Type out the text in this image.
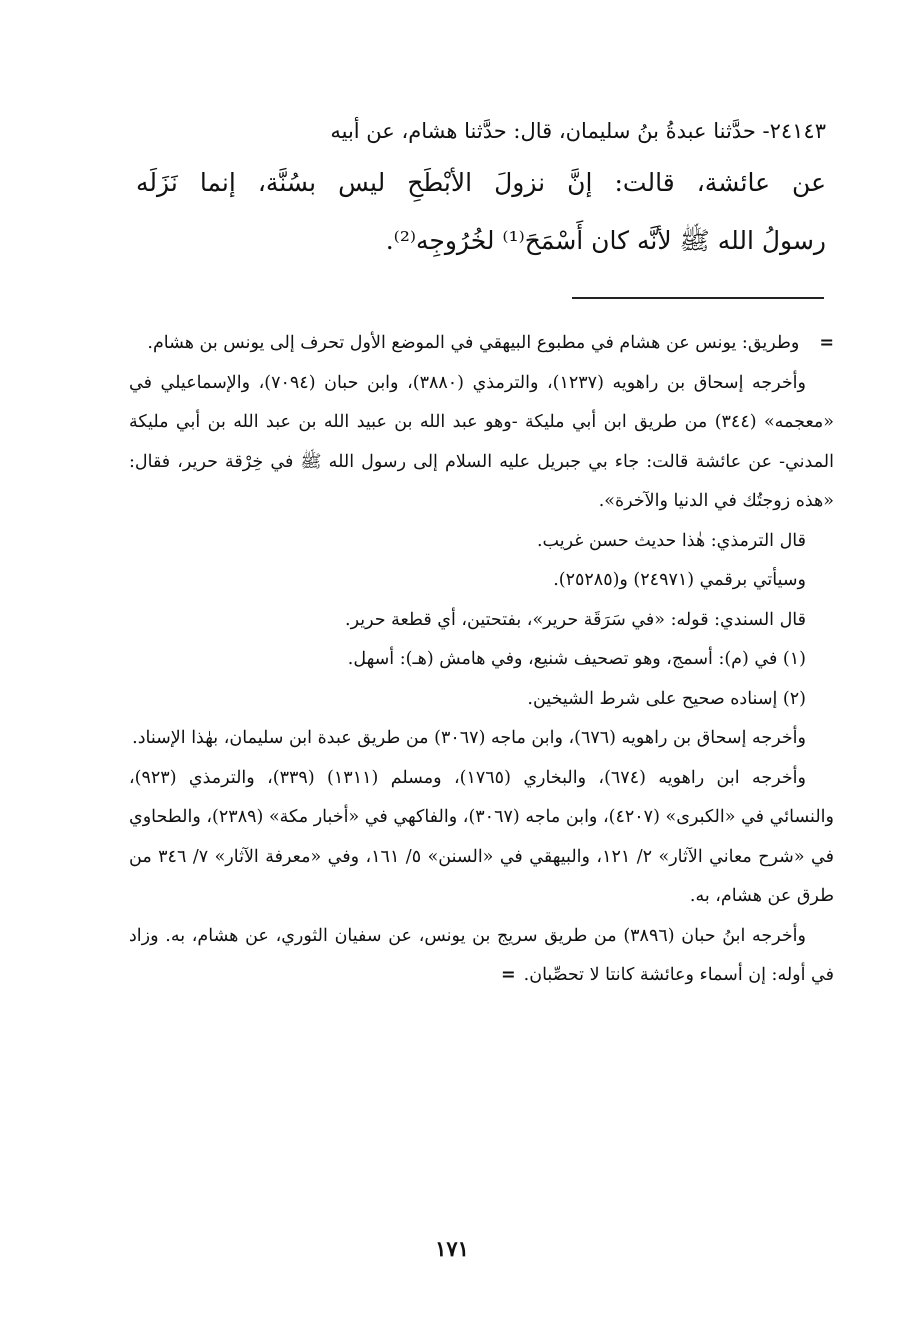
٢٤١٤٣- حدَّثنا عبدةُ بنُ سليمان، قال: حدَّثنا هشام، عن أبيه

عن عائشة، قالت: إنَّ نزولَ الأبْطَحِ ليس بسُنَّة، إنما نَزَلَه

رسولُ الله ﷺ لأنَّه كان أَسْمَحَ⁽¹⁾ لخُرُوجِه⁽²⁾.

=وطريق: يونس عن هشام في مطبوع البيهقي في الموضع الأول تحرف إلى يونس بن هشام.

وأخرجه إسحاق بن راهويه (١٢٣٧)، والترمذي (٣٨٨٠)، وابن حبان (٧٠٩٤)، والإسماعيلي في «معجمه» (٣٤٤) من طريق ابن أبي مليكة -وهو عبد الله بن عبيد الله بن عبد الله بن أبي مليكة المدني- عن عائشة قالت: جاء بي جبريل عليه السلام إلى رسول الله ﷺ في خِرْقة حرير، فقال: «هذه زوجتُك في الدنيا والآخرة».

قال الترمذي: هٰذا حديث حسن غريب.

وسيأتي برقمي (٢٤٩٧١) و(٢٥٢٨٥).

قال السندي: قوله: «في سَرَقَة حرير»، بفتحتين، أي قطعة حرير.

(١) في (م): أسمج، وهو تصحيف شنيع، وفي هامش (هـ): أسهل.

(٢) إسناده صحيح على شرط الشيخين.

وأخرجه إسحاق بن راهويه (٦٧٦)، وابن ماجه (٣٠٦٧) من طريق عبدة ابن سليمان، بهٰذا الإسناد.

وأخرجه ابن راهويه (٦٧٤)، والبخاري (١٧٦٥)، ومسلم (١٣١١) (٣٣٩)، والترمذي (٩٢٣)، والنسائي في «الكبرى» (٤٢٠٧)، وابن ماجه (٣٠٦٧)، والفاكهي في «أخبار مكة» (٢٣٨٩)، والطحاوي في «شرح معاني الآثار» ٢/ ١٢١، والبيهقي في «السنن» ٥/ ١٦١، وفي «معرفة الآثار» ٧/ ٣٤٦ من طرق عن هشام، به.

وأخرجه ابنُ حبان (٣٨٩٦) من طريق سريج بن يونس، عن سفيان الثوري، عن هشام، به. وزاد في أوله: إن أسماء وعائشة كانتا لا تحصِّبان.=

١٧١
